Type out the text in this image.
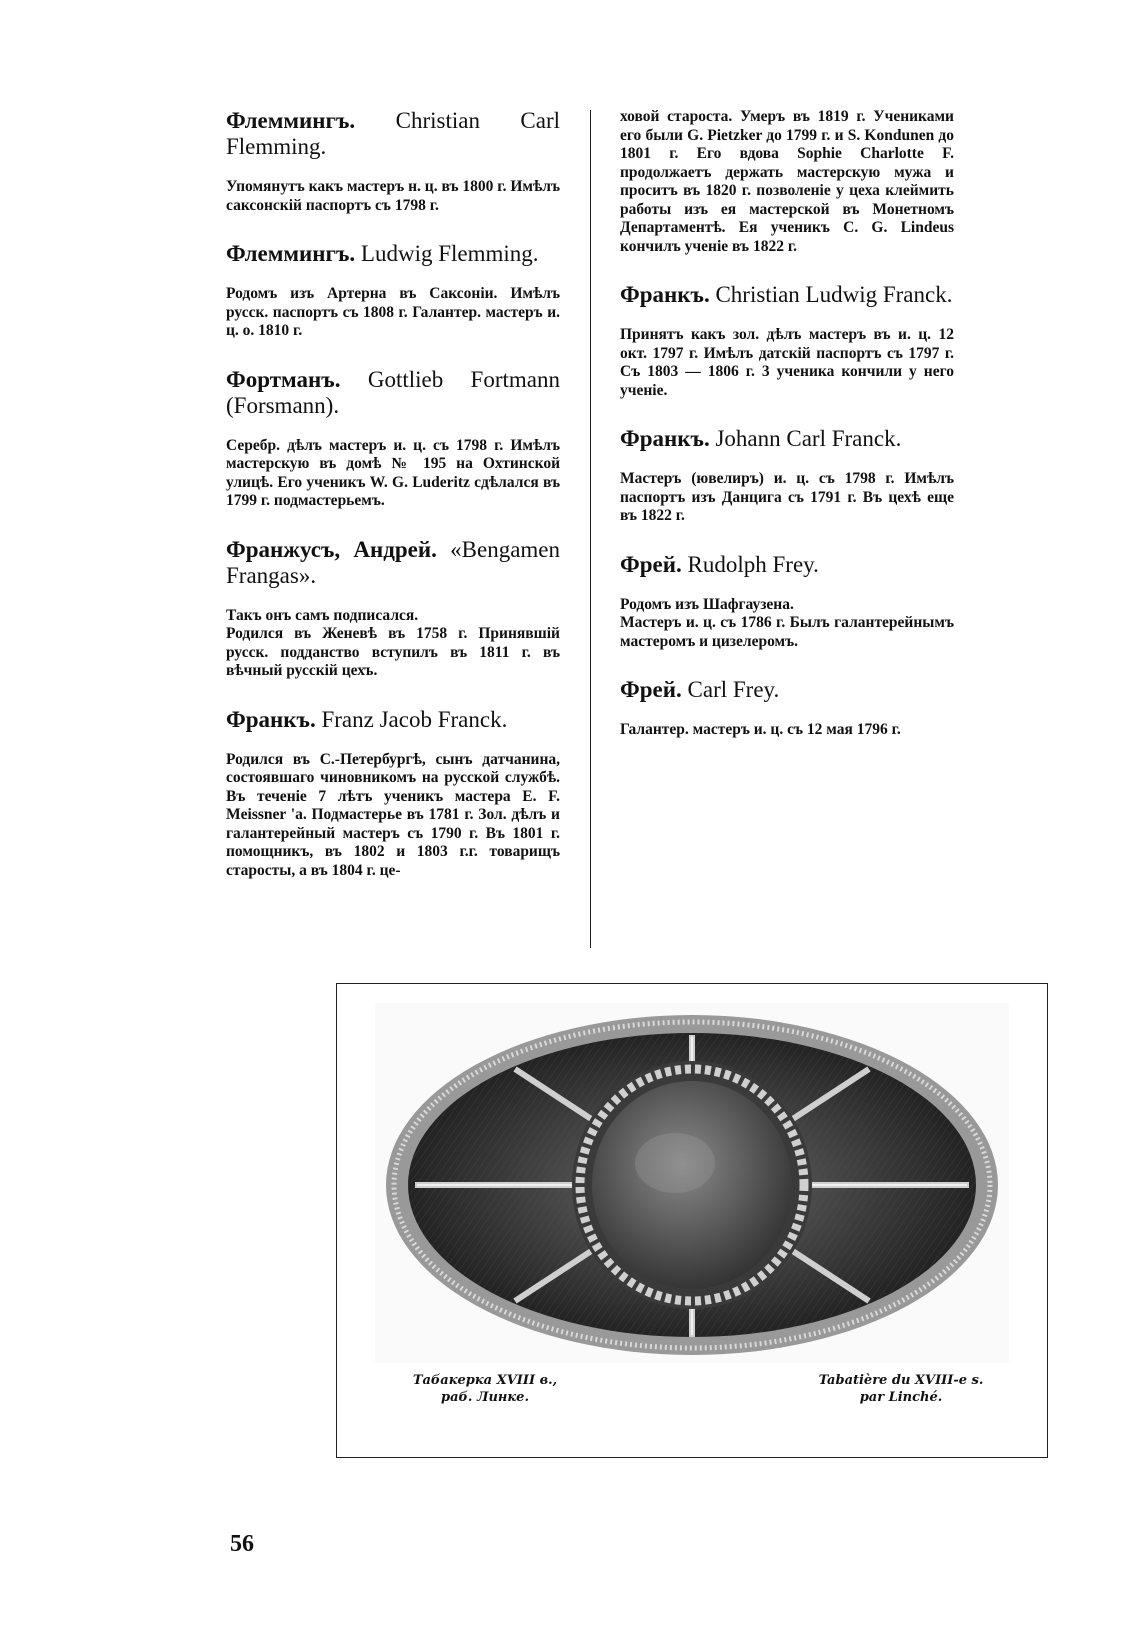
Флеммингъ. Christian Carl Flemming.

Упомянутъ какъ мастеръ н. ц. въ 1800 г. Имѣлъ саксонскій паспортъ съ 1798 г.

Флеммингъ. Ludwig Flemming.

Родомъ изъ Артерна въ Саксоніи. Имѣлъ русск. паспортъ съ 1808 г. Галантер. мастеръ и. ц. о. 1810 г.

Фортманъ. Gottlieb Fortmann (Forsmann).

Серебр. дѣлъ мастеръ и. ц. съ 1798 г. Имѣлъ мастерскую въ домѣ № 195 на Охтинской улицѣ. Его ученикъ W. G. Luderitz сдѣлался въ 1799 г. подмастерьемъ.

Франжусъ, Андрей. «Bengamen Frangas».

Такъ онъ самъ подписался.

Родился въ Женевѣ въ 1758 г. Принявшій русск. подданство вступилъ въ 1811 г. въ вѣчный русскій цехъ.

Франкъ. Franz Jacob Franck.

Родился въ С.-Петербургѣ, сынъ датчанина, состоявшаго чиновникомъ на русской службѣ. Въ теченіе 7 лѣтъ ученикъ мастера E. F. Meissner 'a. Подмастерье въ 1781 г. Зол. дѣлъ и галантерейный мастеръ съ 1790 г. Въ 1801 г. помощникъ, въ 1802 и 1803 г.г. товарищъ старосты, а въ 1804 г. це-

ховой староста. Умеръ въ 1819 г. Учениками его были G. Pietzker до 1799 г. и S. Kondunen до 1801 г. Его вдова Sophie Charlotte F. продолжаетъ держать мастерскую мужа и проситъ въ 1820 г. позволеніе у цеха клеймить работы изъ ея мастерской въ Монетномъ Департаментѣ. Ея ученикъ C. G. Lindeus кончилъ ученіе въ 1822 г.

Франкъ. Christian Ludwig Franck.

Принятъ какъ зол. дѣлъ мастеръ въ и. ц. 12 окт. 1797 г. Имѣлъ датскій паспортъ съ 1797 г. Съ 1803 — 1806 г. 3 ученика кончили у него ученіе.

Франкъ. Johann Carl Franck.

Мастеръ (ювелиръ) и. ц. съ 1798 г. Имѣлъ паспортъ изъ Данцига съ 1791 г. Въ цехѣ еще въ 1822 г.

Фрей. Rudolph Frey.

Родомъ изъ Шафгаузена.

Мастеръ и. ц. съ 1786 г. Былъ галантерейнымъ мастеромъ и цизелеромъ.

Фрей. Carl Frey.

Галантер. мастеръ и. ц. съ 12 мая 1796 г.

Табакерка XVIII в.,
раб. Линке.
Tabatière du XVIII-e s.
par Linché.
56
